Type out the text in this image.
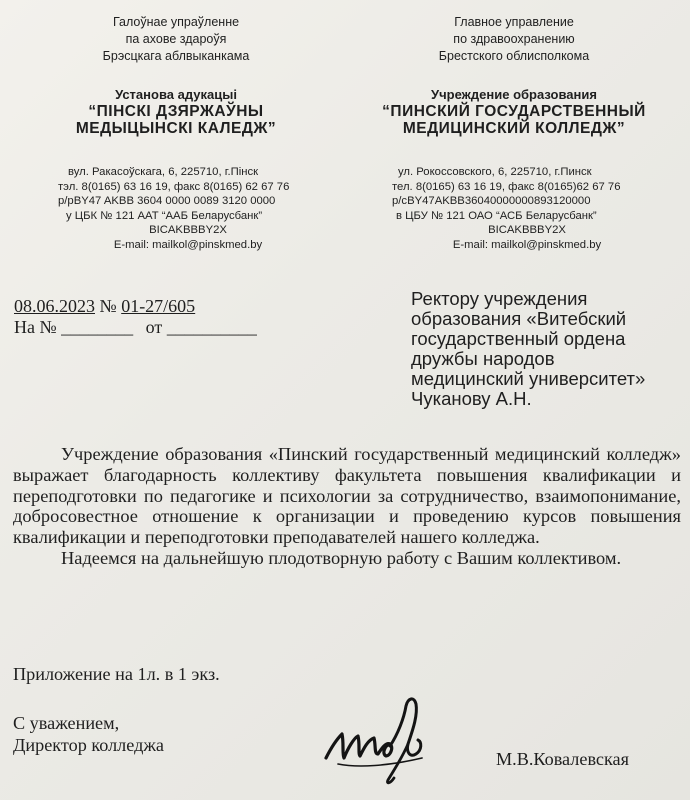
Галоўнае упраўленне
па ахове здароўя
Брэсцкага аблвыканкама
Установа адукацыі
“ПІНСКІ ДЗЯРЖАЎНЫ
МЕДЫЦЫНСКІ КАЛЕДЖ”
вул. Ракасоўскага, 6, 225710, г.Пінск
тэл. 8(0165) 63 16 19, факс 8(0165) 62 67 76
р/рBY47 AKBB 3604 0000 0089 3120 0000
у ЦБК № 121 ААТ “ААБ Беларусбанк”
BICAKBBBY2X
E-mail: mailkol@pinskmed.by
Главное управление
по здравоохранению
Брестского облисполкома
Учреждение образования
“ПИНСКИЙ ГОСУДАРСТВЕННЫЙ
МЕДИЦИНСКИЙ КОЛЛЕДЖ”
ул. Рокоссовского, 6, 225710, г.Пинск
тел. 8(0165) 63 16 19, факс 8(0165)62 67 76
р/сBY47AKBB36040000000893120000
в ЦБУ № 121 ОАО “АСБ Беларусбанк”
BICAKBBBY2X
E-mail: mailkol@pinskmed.by
08.06.2023 № 01-27/605
На № ________ от __________
Ректору учреждения
образования «Витебский
государственный ордена
дружбы народов
медицинский университет»
Чуканову А.Н.

Учреждение образования «Пинский государственный медицинский колледж» выражает благодарность коллективу факультета повышения квалификации и переподготовки по педагогике и психологии за сотрудничество, взаимопонимание, добросовестное отношение к организации и проведению курсов повышения квалификации и переподготовки преподавателей нашего колледжа.

Надеемся на дальнейшую плодотворную работу с Вашим коллективом.

Приложение на 1л. в 1 экз.
С уважением,
Директор колледжа
М.В.Ковалевская
